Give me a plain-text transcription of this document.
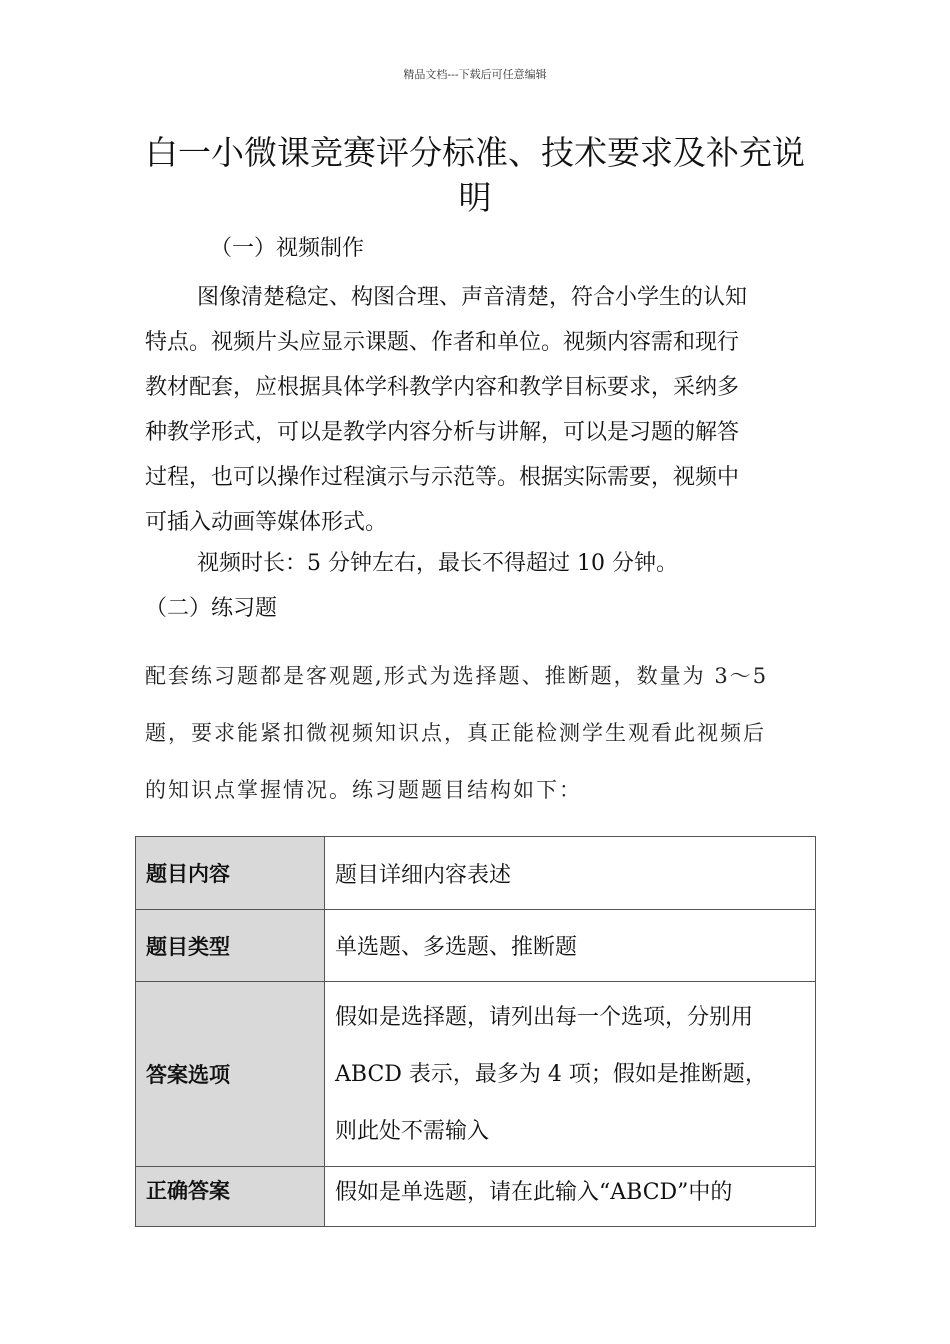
精品文档---下载后可任意编辑
白一小微课竞赛评分标准、技术要求及补充说
明
（一）视频制作
图像清楚稳定、构图合理、声音清楚，符合小学生的认知
特点。视频片头应显示课题、作者和单位。视频内容需和现行
教材配套，应根据具体学科教学内容和教学目标要求，采纳多
种教学形式，可以是教学内容分析与讲解，可以是习题的解答
过程，也可以操作过程演示与示范等。根据实际需要，视频中
可插入动画等媒体形式。
视频时长：5 分钟左右，最长不得超过 10 分钟。
（二）练习题
配套练习题都是客观题,形式为选择题、推断题，数量为 3～5
题，要求能紧扣微视频知识点，真正能检测学生观看此视频后
的知识点掌握情况。练习题题目结构如下：
题目内容	题目详细内容表述
题目类型	单选题、多选题、推断题
答案选项	假如是选择题，请列出每一个选项，分别用
ABCD 表示，最多为 4 项；假如是推断题，
则此处不需输入

正确答案	假如是单选题，请在此输入“ABCD”中的
